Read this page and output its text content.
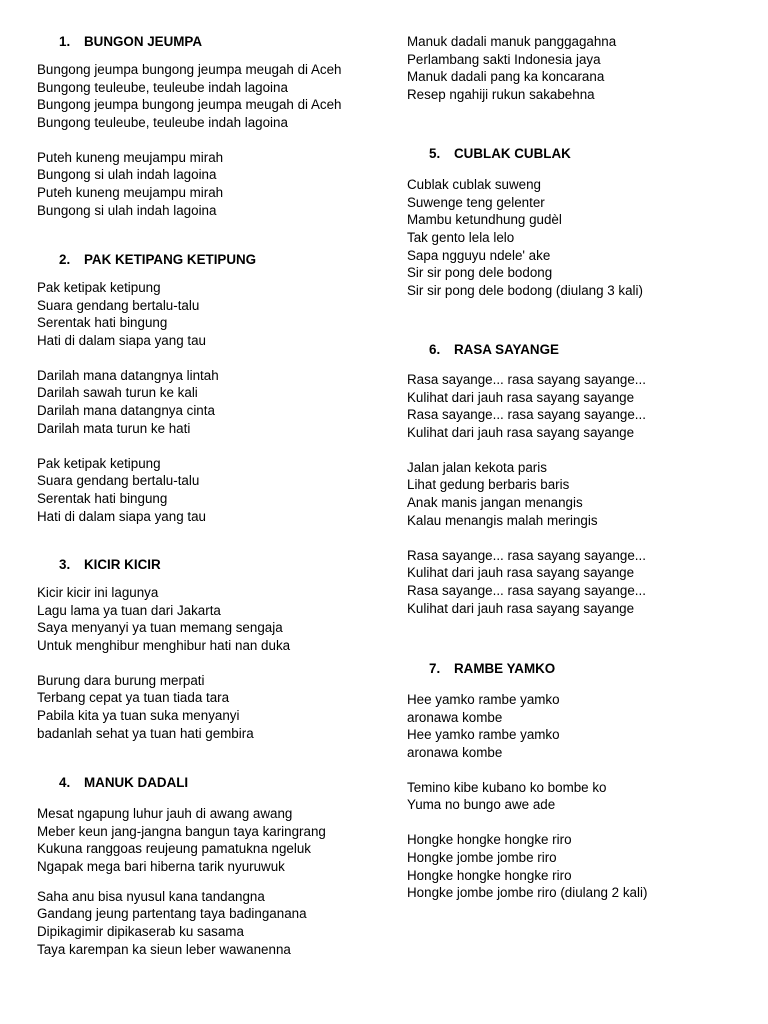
1. BUNGON JEUMPA
Bungong jeumpa bungong jeumpa meugah di Aceh
Bungong teuleube, teuleube indah lagoina
Bungong jeumpa bungong jeumpa meugah di Aceh
Bungong teuleube, teuleube indah lagoina
Puteh kuneng meujampu mirah
Bungong si ulah indah lagoina
Puteh kuneng meujampu mirah
Bungong si ulah indah lagoina
2. PAK KETIPANG KETIPUNG
Pak ketipak ketipung
Suara gendang bertalu-talu
Serentak hati bingung
Hati di dalam siapa yang tau
Darilah mana datangnya lintah
Darilah sawah turun ke kali
Darilah mana datangnya cinta
Darilah mata turun ke hati
Pak ketipak ketipung
Suara gendang bertalu-talu
Serentak hati bingung
Hati di dalam siapa yang tau
3. KICIR KICIR
Kicir kicir ini lagunya
Lagu lama ya tuan dari Jakarta
Saya menyanyi ya tuan memang sengaja
Untuk menghibur menghibur hati nan duka
Burung dara burung merpati
Terbang cepat ya tuan tiada tara
Pabila kita ya tuan suka menyanyi
badanlah sehat ya tuan hati gembira
4. MANUK DADALI
Mesat ngapung luhur jauh di awang awang
Meber keun jang-jangna bangun taya karingrang
Kukuna ranggoas reujeung pamatukna ngeluk
Ngapak mega bari hiberna tarik nyuruwuk
Saha anu bisa nyusul kana tandangna
Gandang jeung partentang taya badinganana
Dipikagimir dipikaserab ku sasama
Taya karempan ka sieun leber wawanenna
Manuk dadali manuk panggagahna
Perlambang sakti Indonesia jaya
Manuk dadali pang ka koncarana
Resep ngahiji rukun sakabehna
5. CUBLAK CUBLAK
Cublak cublak suweng
Suwenge teng gelenter
Mambu ketundhung gudèl
Tak gento lela lelo
Sapa ngguyu ndele' ake
Sir sir pong dele bodong
Sir sir pong dele bodong (diulang 3 kali)
6. RASA SAYANGE
Rasa sayange... rasa sayang sayange...
Kulihat dari jauh rasa sayang sayange
Rasa sayange... rasa sayang sayange...
Kulihat dari jauh rasa sayang sayange
Jalan jalan kekota paris
Lihat gedung berbaris baris
Anak manis jangan menangis
Kalau menangis malah meringis
Rasa sayange... rasa sayang sayange...
Kulihat dari jauh rasa sayang sayange
Rasa sayange... rasa sayang sayange...
Kulihat dari jauh rasa sayang sayange
7. RAMBE YAMKO
Hee yamko rambe yamko
aronawa kombe
Hee yamko rambe yamko
aronawa kombe
Temino kibe kubano ko bombe ko
Yuma no bungo awe ade
Hongke hongke hongke riro
Hongke jombe jombe riro
Hongke hongke hongke riro
Hongke jombe jombe riro (diulang 2 kali)
